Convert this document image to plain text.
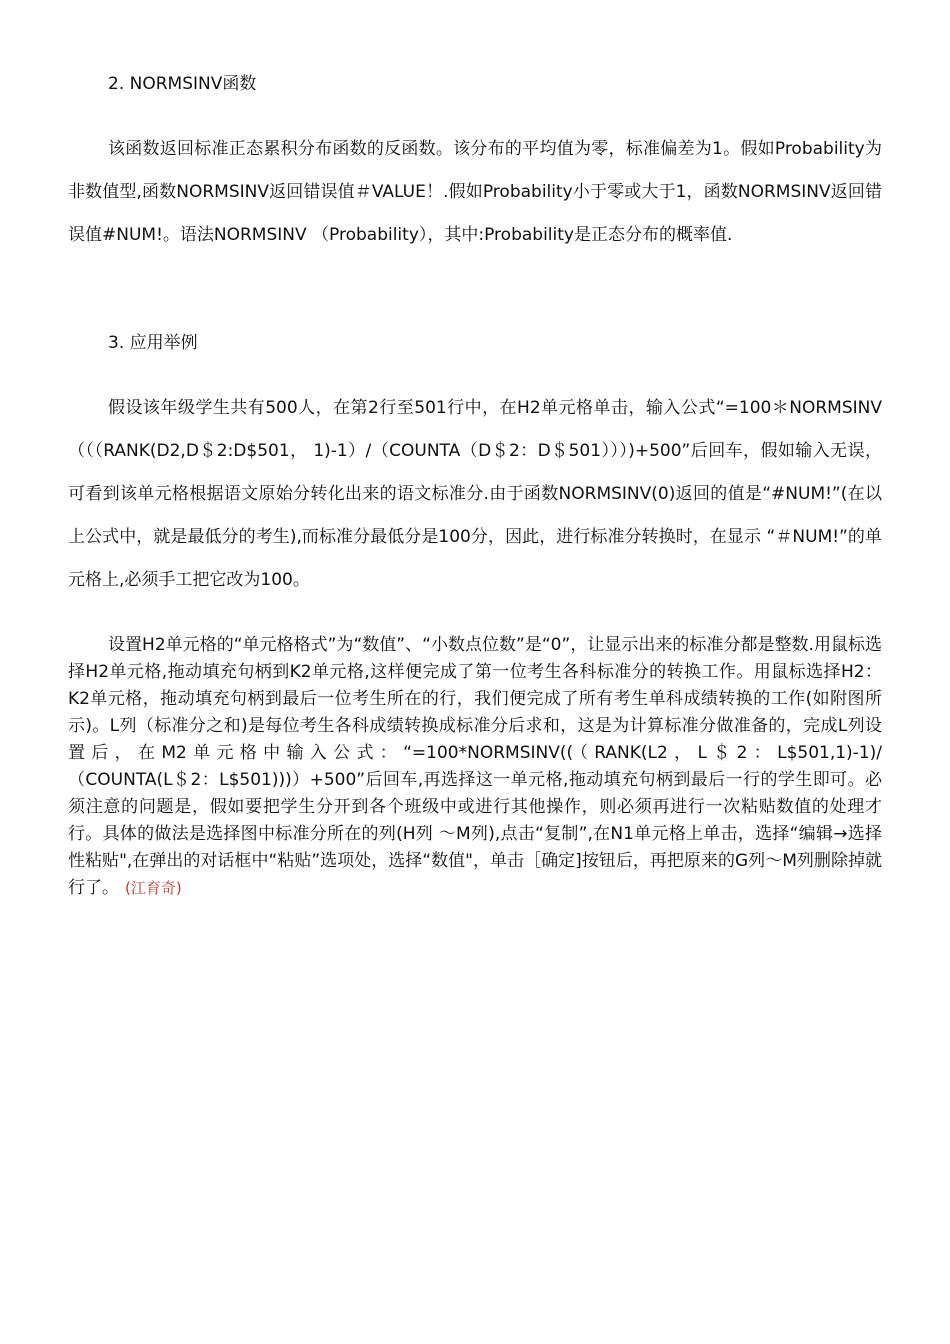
2. NORMSINV函数

该函数返回标准正态累积分布函数的反函数。该分布的平均值为零，标准偏差为1。假如Probability为非数值型,函数NORMSINV返回错误值＃VALUE！.假如Probability小于零或大于1，函数NORMSINV返回错误值#NUM!。语法NORMSINV （Probability），其中:Probability是正态分布的概率值.

3. 应用举例

假设该年级学生共有500人，在第2行至501行中，在H2单元格单击，输入公式“=100＊NORMSINV（（（RANK(D2,D＄2:D$501， 1)-1）/（COUNTA（D＄2：D＄501）））)+500”后回车，假如输入无误，可看到该单元格根据语文原始分转化出来的语文标准分.由于函数NORMSINV(0)返回的值是“#NUM!”(在以上公式中，就是最低分的考生),而标准分最低分是100分，因此，进行标准分转换时，在显示 “＃NUM!”的单元格上,必须手工把它改为100。

设置H2单元格的“单元格格式”为“数值”、“小数点位数”是“0”，让显示出来的标准分都是整数.用鼠标选择H2单元格,拖动填充句柄到K2单元格,这样便完成了第一位考生各科标准分的转换工作。用鼠标选择H2：K2单元格，拖动填充句柄到最后一位考生所在的行，我们便完成了所有考生单科成绩转换的工作(如附图所示)。L列（标准分之和)是每位考生各科成绩转换成标准分后求和，这是为计算标准分做准备的，完成L列设置后，在M2单元格中输入公式：“=100*NORMSINV((（RANK(L2，L＄2：L$501,1)-1)/（COUNTA(L＄2：L$501)))）+500”后回车,再选择这一单元格,拖动填充句柄到最后一行的学生即可。必须注意的问题是，假如要把学生分开到各个班级中或进行其他操作，则必须再进行一次粘贴数值的处理才行。具体的做法是选择图中标准分所在的列(H列 ～M列),点击“复制”,在N1单元格上单击，选择“编辑→选择性粘贴",在弹出的对话框中“粘贴”选项处，选择“数值"，单击［确定]按钮后，再把原来的G列～M列删除掉就行了。 (江育奇)
